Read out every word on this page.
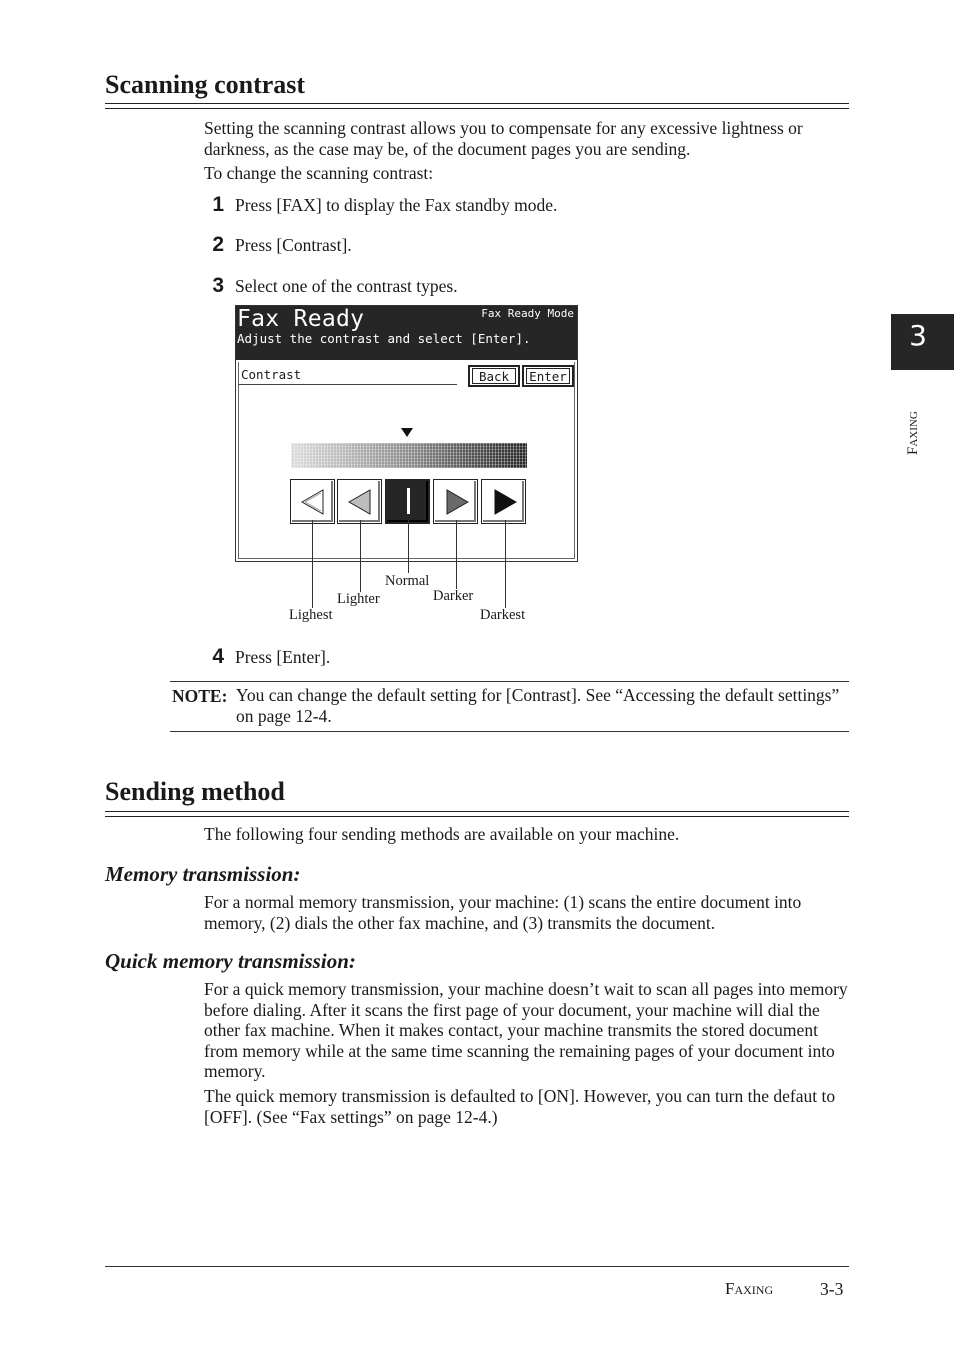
Scanning contrast
Setting the scanning contrast allows you to compensate for any excessive lightness or darkness, as the case may be, of the document pages you are sending.
To change the scanning contrast:
1 Press [FAX] to display the Fax standby mode.
2 Press [Contrast].
3 Select one of the contrast types.
Fax Ready	Fax Ready Mode
Adjust the contrast and select [Enter].
Contrast	Back	Enter
Lighest
Lighter
Normal
Darker
Darkest
4 Press [Enter].
NOTE: You can change the default setting for [Contrast]. See “Accessing the default settings” on page 12-4.
Sending method
The following four sending methods are available on your machine.
Memory transmission:
For a normal memory transmission, your machine: (1) scans the entire document into memory, (2) dials the other fax machine, and (3) transmits the document.
Quick memory transmission:
For a quick memory transmission, your machine doesn’t wait to scan all pages into memory before dialing. After it scans the first page of your document, your machine will dial the other fax machine. When it makes contact, your machine transmits the stored document from memory while at the same time scanning the remaining pages of your document into memory.
The quick memory transmission is defaulted to [ON]. However, you can turn the defaut to [OFF]. (See “Fax settings” on page 12-4.)
3
Faxing
Faxing	3-3
